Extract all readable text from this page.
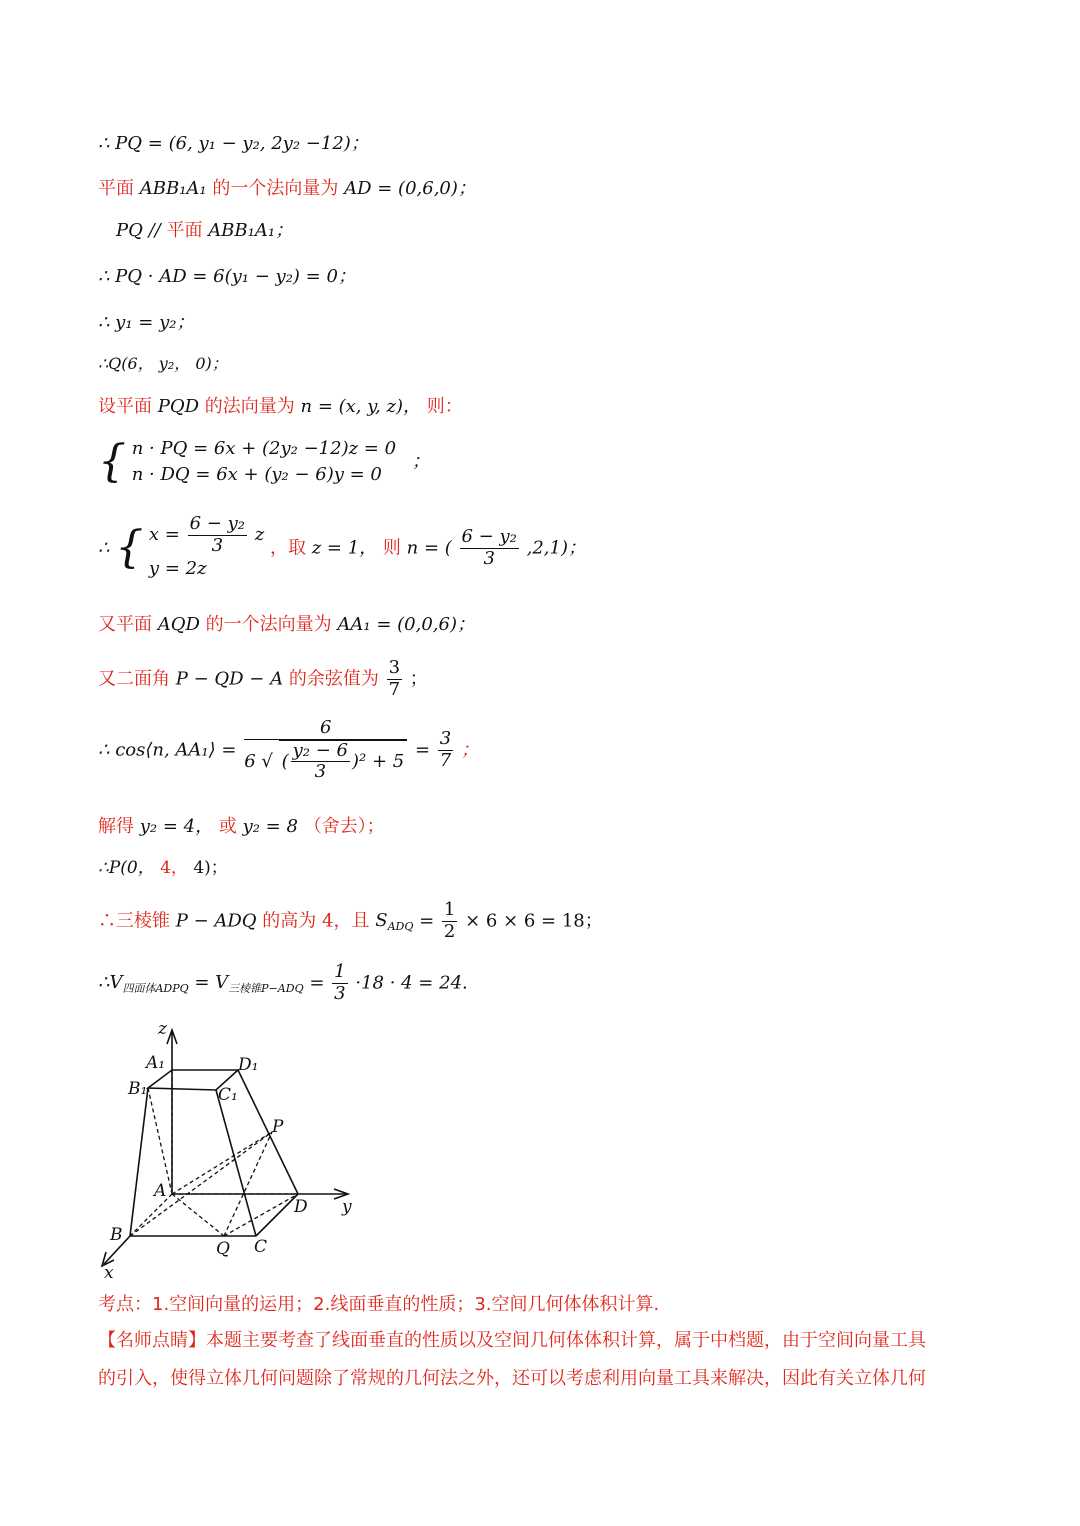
∴ PQ = (6, y₁ − y₂, 2y₂ −12)；
平面 ABB₁A₁ 的一个法向量为 AD = (0,6,0)；
PQ // 平面 ABB₁A₁；
∴ PQ · AD = 6(y₁ − y₂) = 0；
∴ y₁ = y₂；
∴Q(6， y₂， 0)；
设平面 PQD 的法向量为 n = (x, y, z)， 则：
{ n · PQ = 6x + (2y₂ −12)z = 0
n · DQ = 6x + (y₂ − 6)y = 0
；
∴ { $x = \frac{\text{6 − y₂}}{3}$ z
y = 2z
，取 z = 1， 则 n = ( $\frac{\text{6 − y₂}}{3} ,2,1$)；
又平面 AQD 的一个法向量为 AA₁ = (0,0,6)；
又二面角 P − QD − A 的余弦值为 $\frac{3}{7}$ ；
∴ cos⟨n, AA₁⟩ =
6
6 √ ( $\frac{\text{y₂ − 6}}{3} )^2 + 5$
= $\frac{3}{7}$ ；
解得 y₂ = 4， 或 y₂ = 8 （舍去）；
∴P(0， 4， 4)；
∴三棱锥 P − ADQ 的高为 4，且 $S_{ADQ} = \frac{1}{2} \times 6 \times 6 = 18$；
$\therefore V_{四面体ADPQ} = V_{三棱锥P-ADQ} = \frac{1}{3} \cdot 18 \cdot 4 = 24$.
z
y
x
A₁	D₁
B₁	C₁
P
A
D
B
Q C
考点：1.空间向量的运用；2.线面垂直的性质；3.空间几何体体积计算.
【名师点睛】本题主要考查了线面垂直的性质以及空间几何体体积计算，属于中档题，由于空间向量工具
的引入，使得立体几何问题除了常规的几何法之外，还可以考虑利用向量工具来解决，因此有关立体几何
